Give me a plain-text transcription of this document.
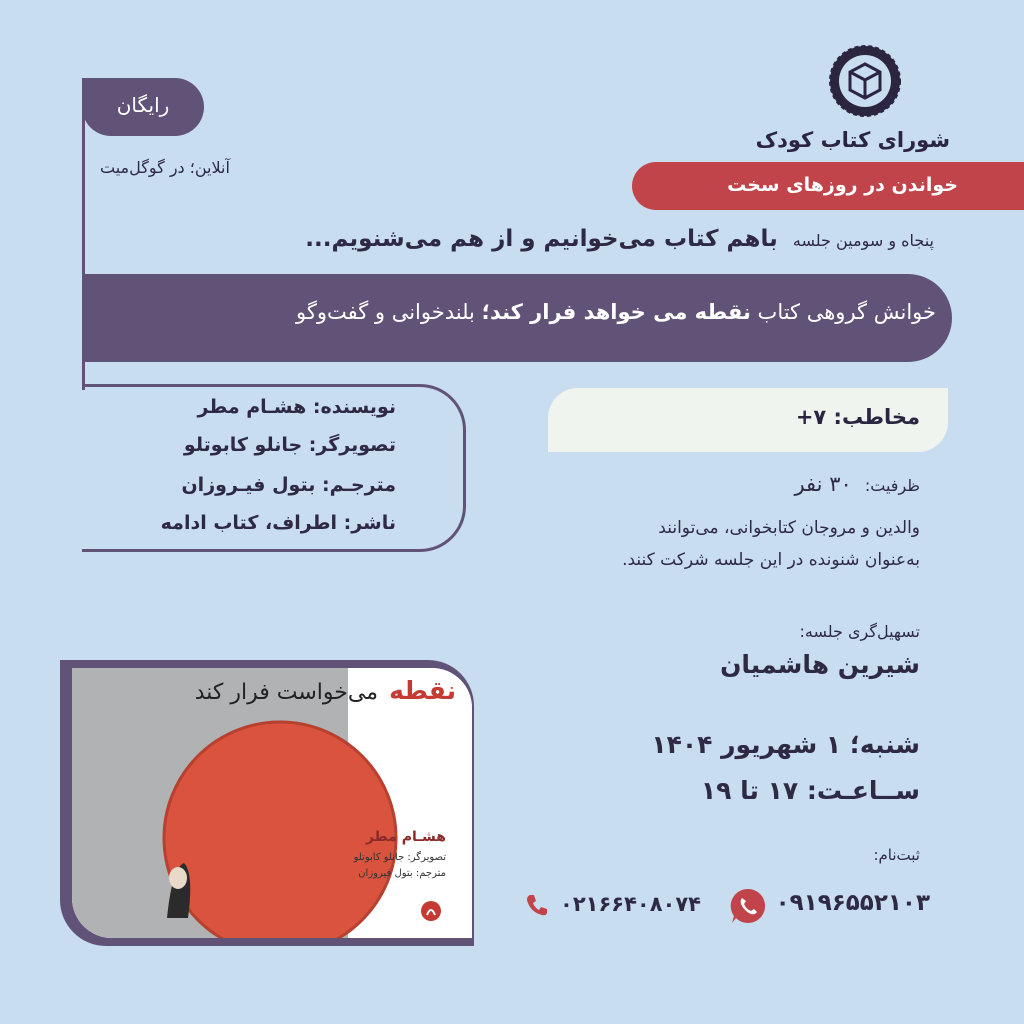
شورای کتاب کودک
خواندن در روزهای سخت
رایگان
آنلاین؛ در گوگل‌میت
پنجاه و سومین جلسه باهم کتاب می‌خوانیم و از هم می‌شنویم...
خوانش گروهی کتاب نقطه می خواهد فرار کند؛ بلندخوانی و گفت‌وگو
نویسنده: هشـام مطر
تصویرگر: جانلو کابوتلو
مترجـم: بتول فیـروزان
ناشر: اطراف، کتاب ادامه
مخاطب: ۷+
ظرفیت: ۳۰ نفر
والدین و مروجان کتابخوانی، می‌توانند
به‌عنوان شنونده در این جلسه شرکت کنند.
تسهیل‌گری جلسه:
شیرین هاشمیان
شنبه؛ ۱ شهریور ۱۴۰۴
ســاعـت: ۱۷ تا ۱۹
ثبت‌نام:
۰۹۱۹۶۵۵۲۱۰۳
۰۲۱۶۶۴۰۸۰۷۴
نقطه می‌خواست فرار کند
هشـام مطر
تصویرگر: جانلو کابوتلو
مترجم: بتول فیروزان
